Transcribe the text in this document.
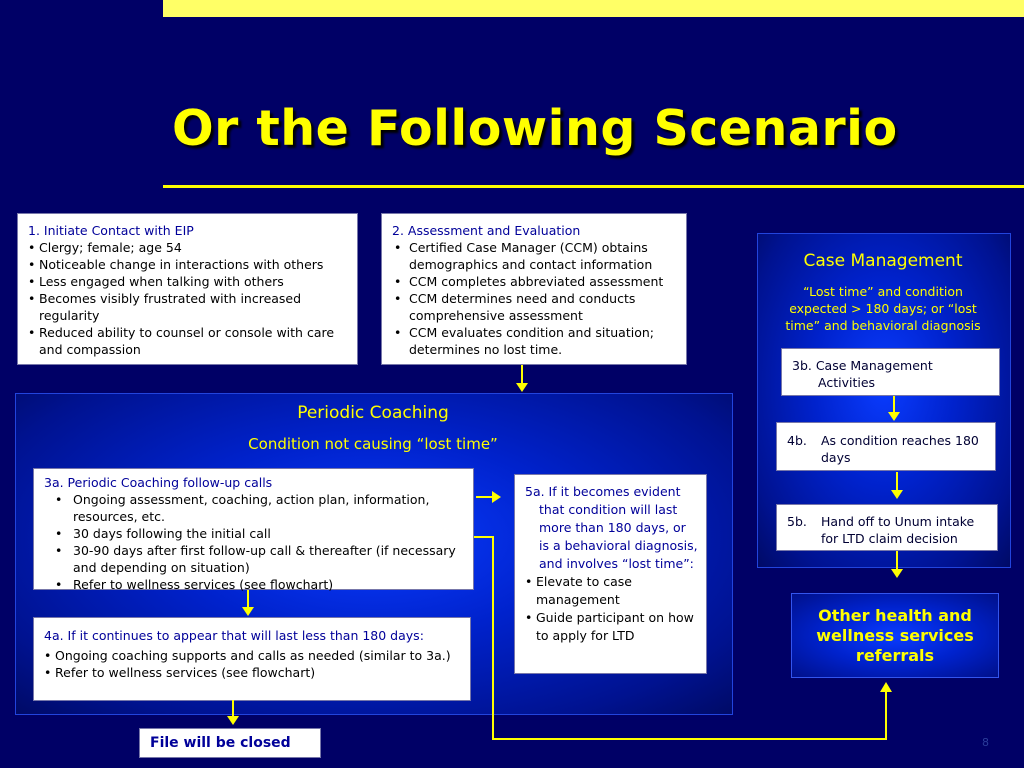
Or the Following Scenario
1. Initiate Contact with EIP
• Clergy; female; age 54
• Noticeable change in interactions with others
• Less engaged when talking with others
• Becomes visibly frustrated with increased regularity
• Reduced ability to counsel or console with care and compassion
2. Assessment and Evaluation
• Certified Case Manager (CCM) obtains demographics and contact information
• CCM completes abbreviated assessment
• CCM determines need and conducts comprehensive assessment
• CCM evaluates condition and situation; determines no lost time.
Periodic Coaching
Condition not causing “lost time”
3a. Periodic Coaching follow-up calls
• Ongoing assessment, coaching, action plan, information, resources, etc.
• 30 days following the initial call
• 30-90 days after first follow-up call & thereafter (if necessary and depending on situation)
• Refer to wellness services (see flowchart)
4a. If it continues to appear that will last less than 180 days:
• Ongoing coaching supports and calls as needed (similar to 3a.)
• Refer to wellness services (see flowchart)
5a. If it becomes evident that condition will last more than 180 days, or is a behavioral diagnosis, and involves “lost time”:
• Elevate to case management
• Guide participant on how to apply for LTD
File will be closed
Case Management
“Lost time” and condition expected > 180 days; or “lost time” and behavioral diagnosis
3b. Case Management Activities
4b.	As condition reaches 180 days
5b.	Hand off to Unum intake for LTD claim decision
Other health and wellness services referrals
8
